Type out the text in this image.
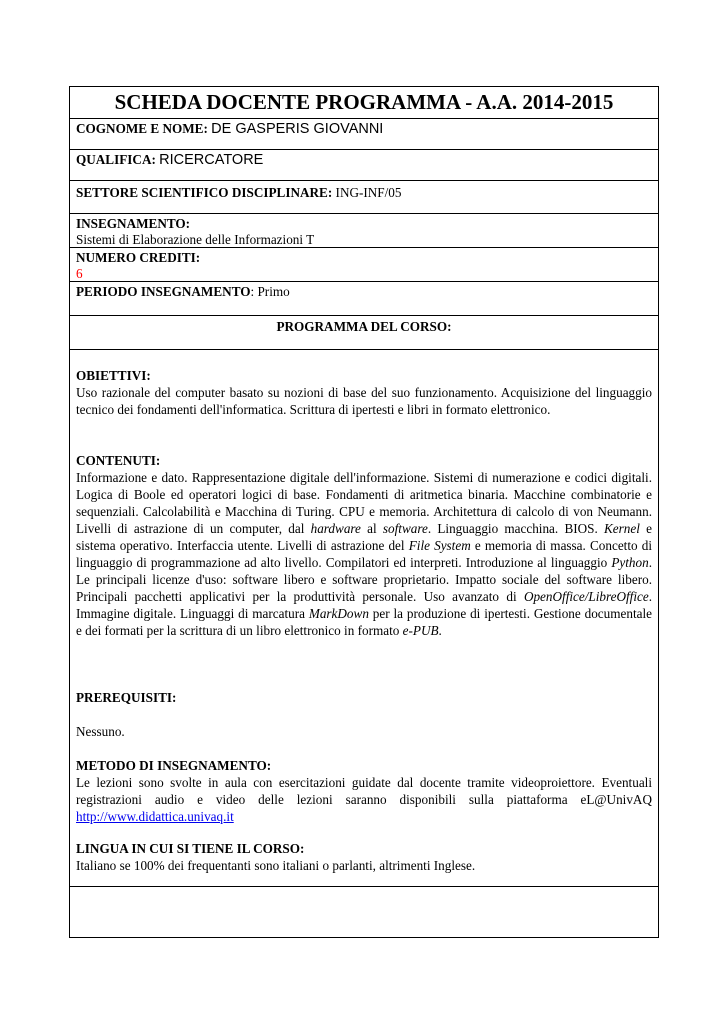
SCHEDA DOCENTE PROGRAMMA - A.A. 2014-2015
COGNOME E NOME: DE GASPERIS GIOVANNI
QUALIFICA: RICERCATORE
SETTORE SCIENTIFICO DISCIPLINARE: ING-INF/05
INSEGNAMENTO:
Sistemi di Elaborazione delle Informazioni T
NUMERO CREDITI:
6
PERIODO INSEGNAMENTO: Primo
PROGRAMMA DEL CORSO:
OBIETTIVI:
Uso razionale del computer basato su nozioni di base del suo funzionamento. Acquisizione del linguaggio tecnico dei fondamenti dell'informatica. Scrittura di ipertesti e libri in formato elettronico.
CONTENUTI:
Informazione e dato. Rappresentazione digitale dell'informazione. Sistemi di numerazione e codici digitali. Logica di Boole ed operatori logici di base. Fondamenti di aritmetica binaria. Macchine combinatorie e sequenziali. Calcolabilità e Macchina di Turing. CPU e memoria. Architettura di calcolo di von Neumann. Livelli di astrazione di un computer, dal hardware al software. Linguaggio macchina. BIOS. Kernel e sistema operativo. Interfaccia utente. Livelli di astrazione del File System e memoria di massa. Concetto di linguaggio di programmazione ad alto livello. Compilatori ed interpreti. Introduzione al linguaggio Python. Le principali licenze d'uso: software libero e software proprietario. Impatto sociale del software libero. Principali pacchetti applicativi per la produttività personale. Uso avanzato di OpenOffice/LibreOffice. Immagine digitale. Linguaggi di marcatura MarkDown per la produzione di ipertesti. Gestione documentale e dei formati per la scrittura di un libro elettronico in formato e-PUB.
PREREQUISITI:
Nessuno.
METODO DI INSEGNAMENTO:
Le lezioni sono svolte in aula con esercitazioni guidate dal docente tramite videoproiettore. Eventuali registrazioni audio e video delle lezioni saranno disponibili sulla piattaforma eL@UnivAQ http://www.didattica.univaq.it
LINGUA IN CUI SI TIENE IL CORSO:
Italiano se 100% dei frequentanti sono italiani o parlanti, altrimenti Inglese.
